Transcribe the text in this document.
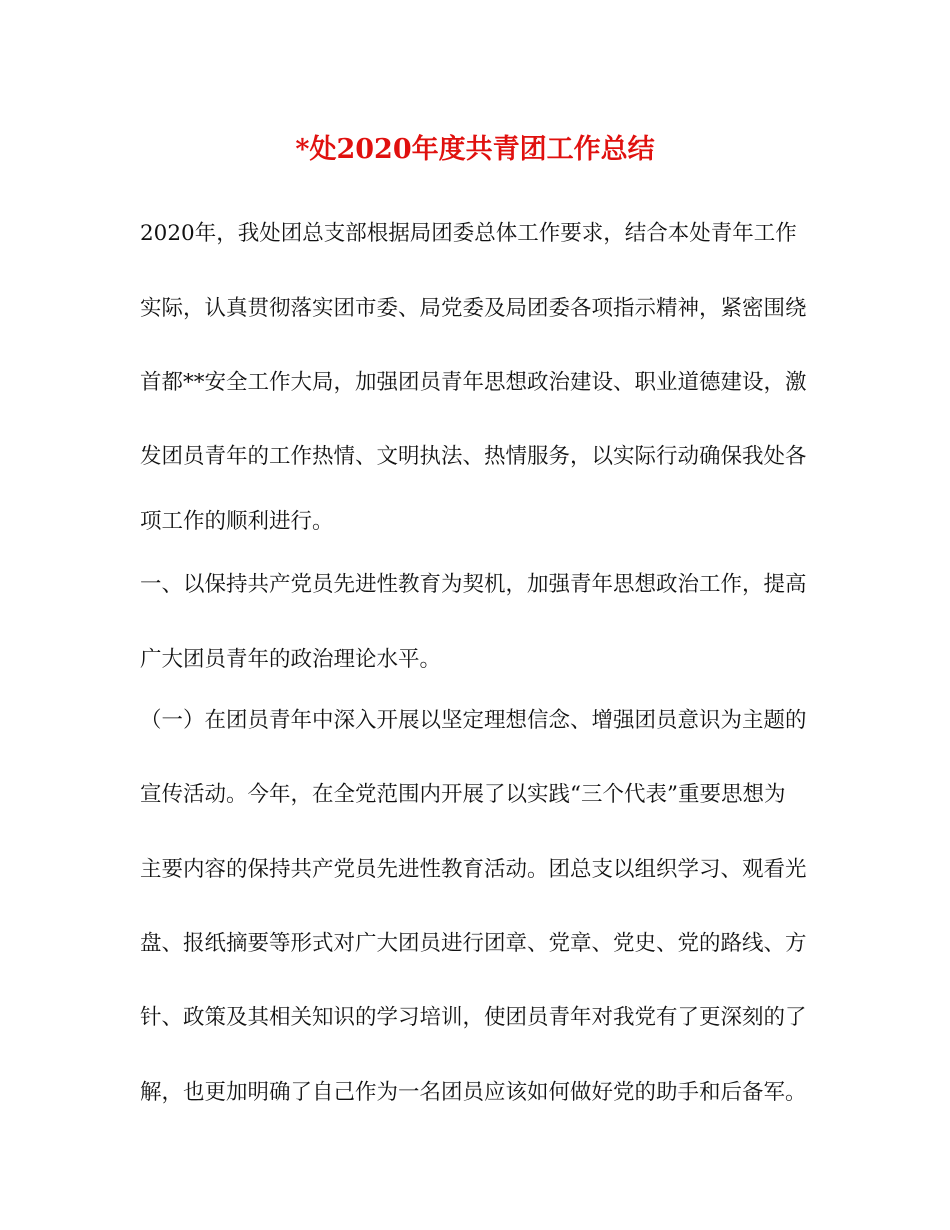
*处2020年度共青团工作总结
2020年，我处团总支部根据局团委总体工作要求，结合本处青年工作
实际，认真贯彻落实团市委、局党委及局团委各项指示精神，紧密围绕
首都**安全工作大局，加强团员青年思想政治建设、职业道德建设，激
发团员青年的工作热情、文明执法、热情服务，以实际行动确保我处各
项工作的顺利进行。
一、以保持共产党员先进性教育为契机，加强青年思想政治工作，提高
广大团员青年的政治理论水平。
（一）在团员青年中深入开展以坚定理想信念、增强团员意识为主题的
宣传活动。今年，在全党范围内开展了以实践“三个代表”重要思想为
主要内容的保持共产党员先进性教育活动。团总支以组织学习、观看光
盘、报纸摘要等形式对广大团员进行团章、党章、党史、党的路线、方
针、政策及其相关知识的学习培训，使团员青年对我党有了更深刻的了
解，也更加明确了自己作为一名团员应该如何做好党的助手和后备军。
